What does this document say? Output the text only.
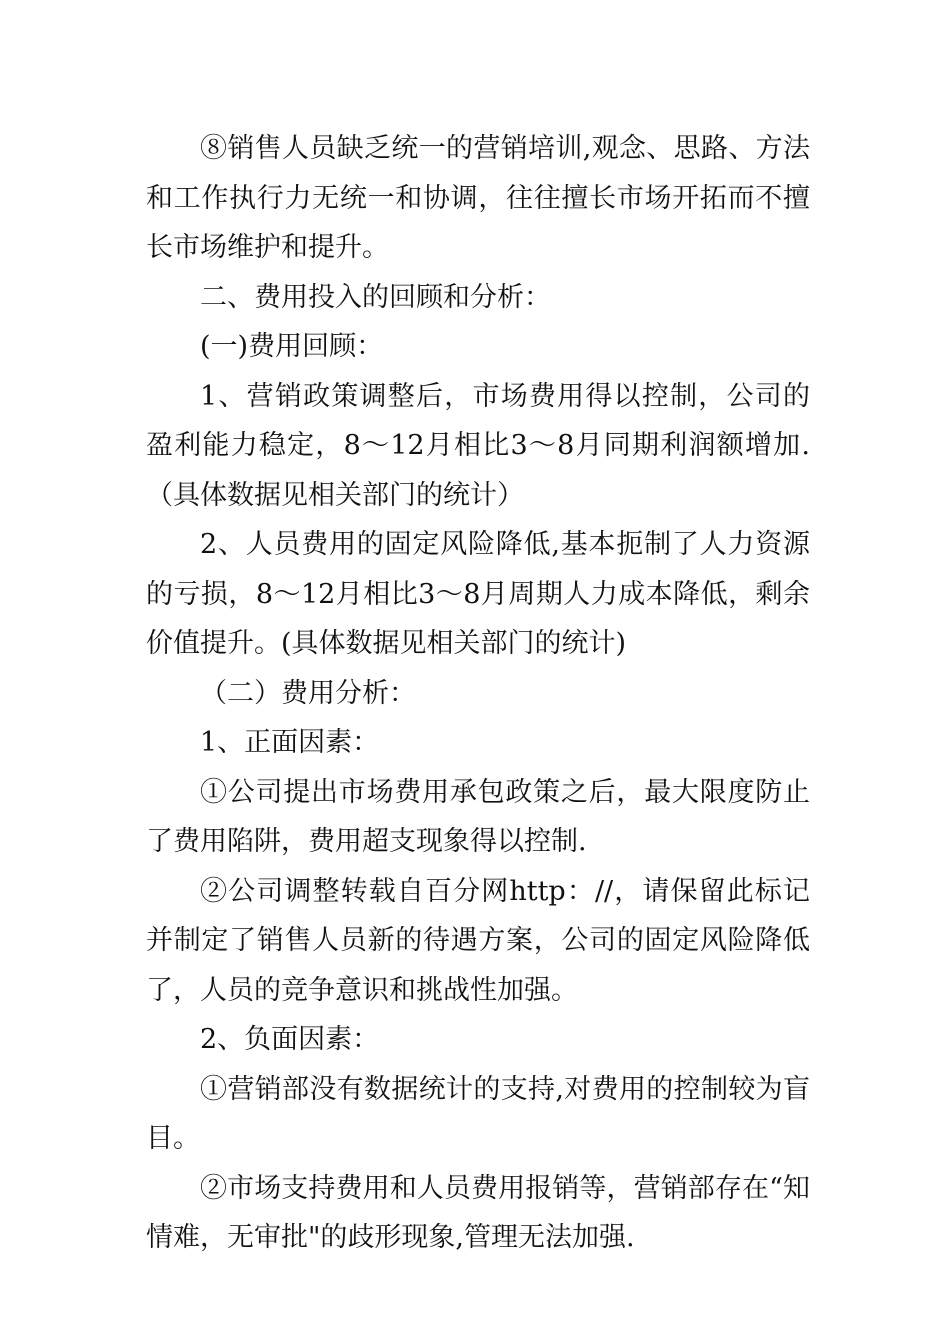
⑧销售人员缺乏统一的营销培训,观念、思路、方法和工作执行力无统一和协调，往往擅长市场开拓而不擅长市场维护和提升。

二、费用投入的回顾和分析：

(一)费用回顾：

1、营销政策调整后，市场费用得以控制，公司的盈利能力稳定，8～12月相比3～8月同期利润额增加.（具体数据见相关部门的统计）

2、人员费用的固定风险降低,基本扼制了人力资源的亏损，8～12月相比3～8月周期人力成本降低，剩余价值提升。(具体数据见相关部门的统计)

（二）费用分析：

1、正面因素：

①公司提出市场费用承包政策之后，最大限度防止了费用陷阱，费用超支现象得以控制.

②公司调整转载自百分网http：//，请保留此标记并制定了销售人员新的待遇方案，公司的固定风险降低了，人员的竞争意识和挑战性加强。

2、负面因素：

①营销部没有数据统计的支持,对费用的控制较为盲目。

②市场支持费用和人员费用报销等，营销部存在“知情难，无审批"的歧形现象,管理无法加强.
